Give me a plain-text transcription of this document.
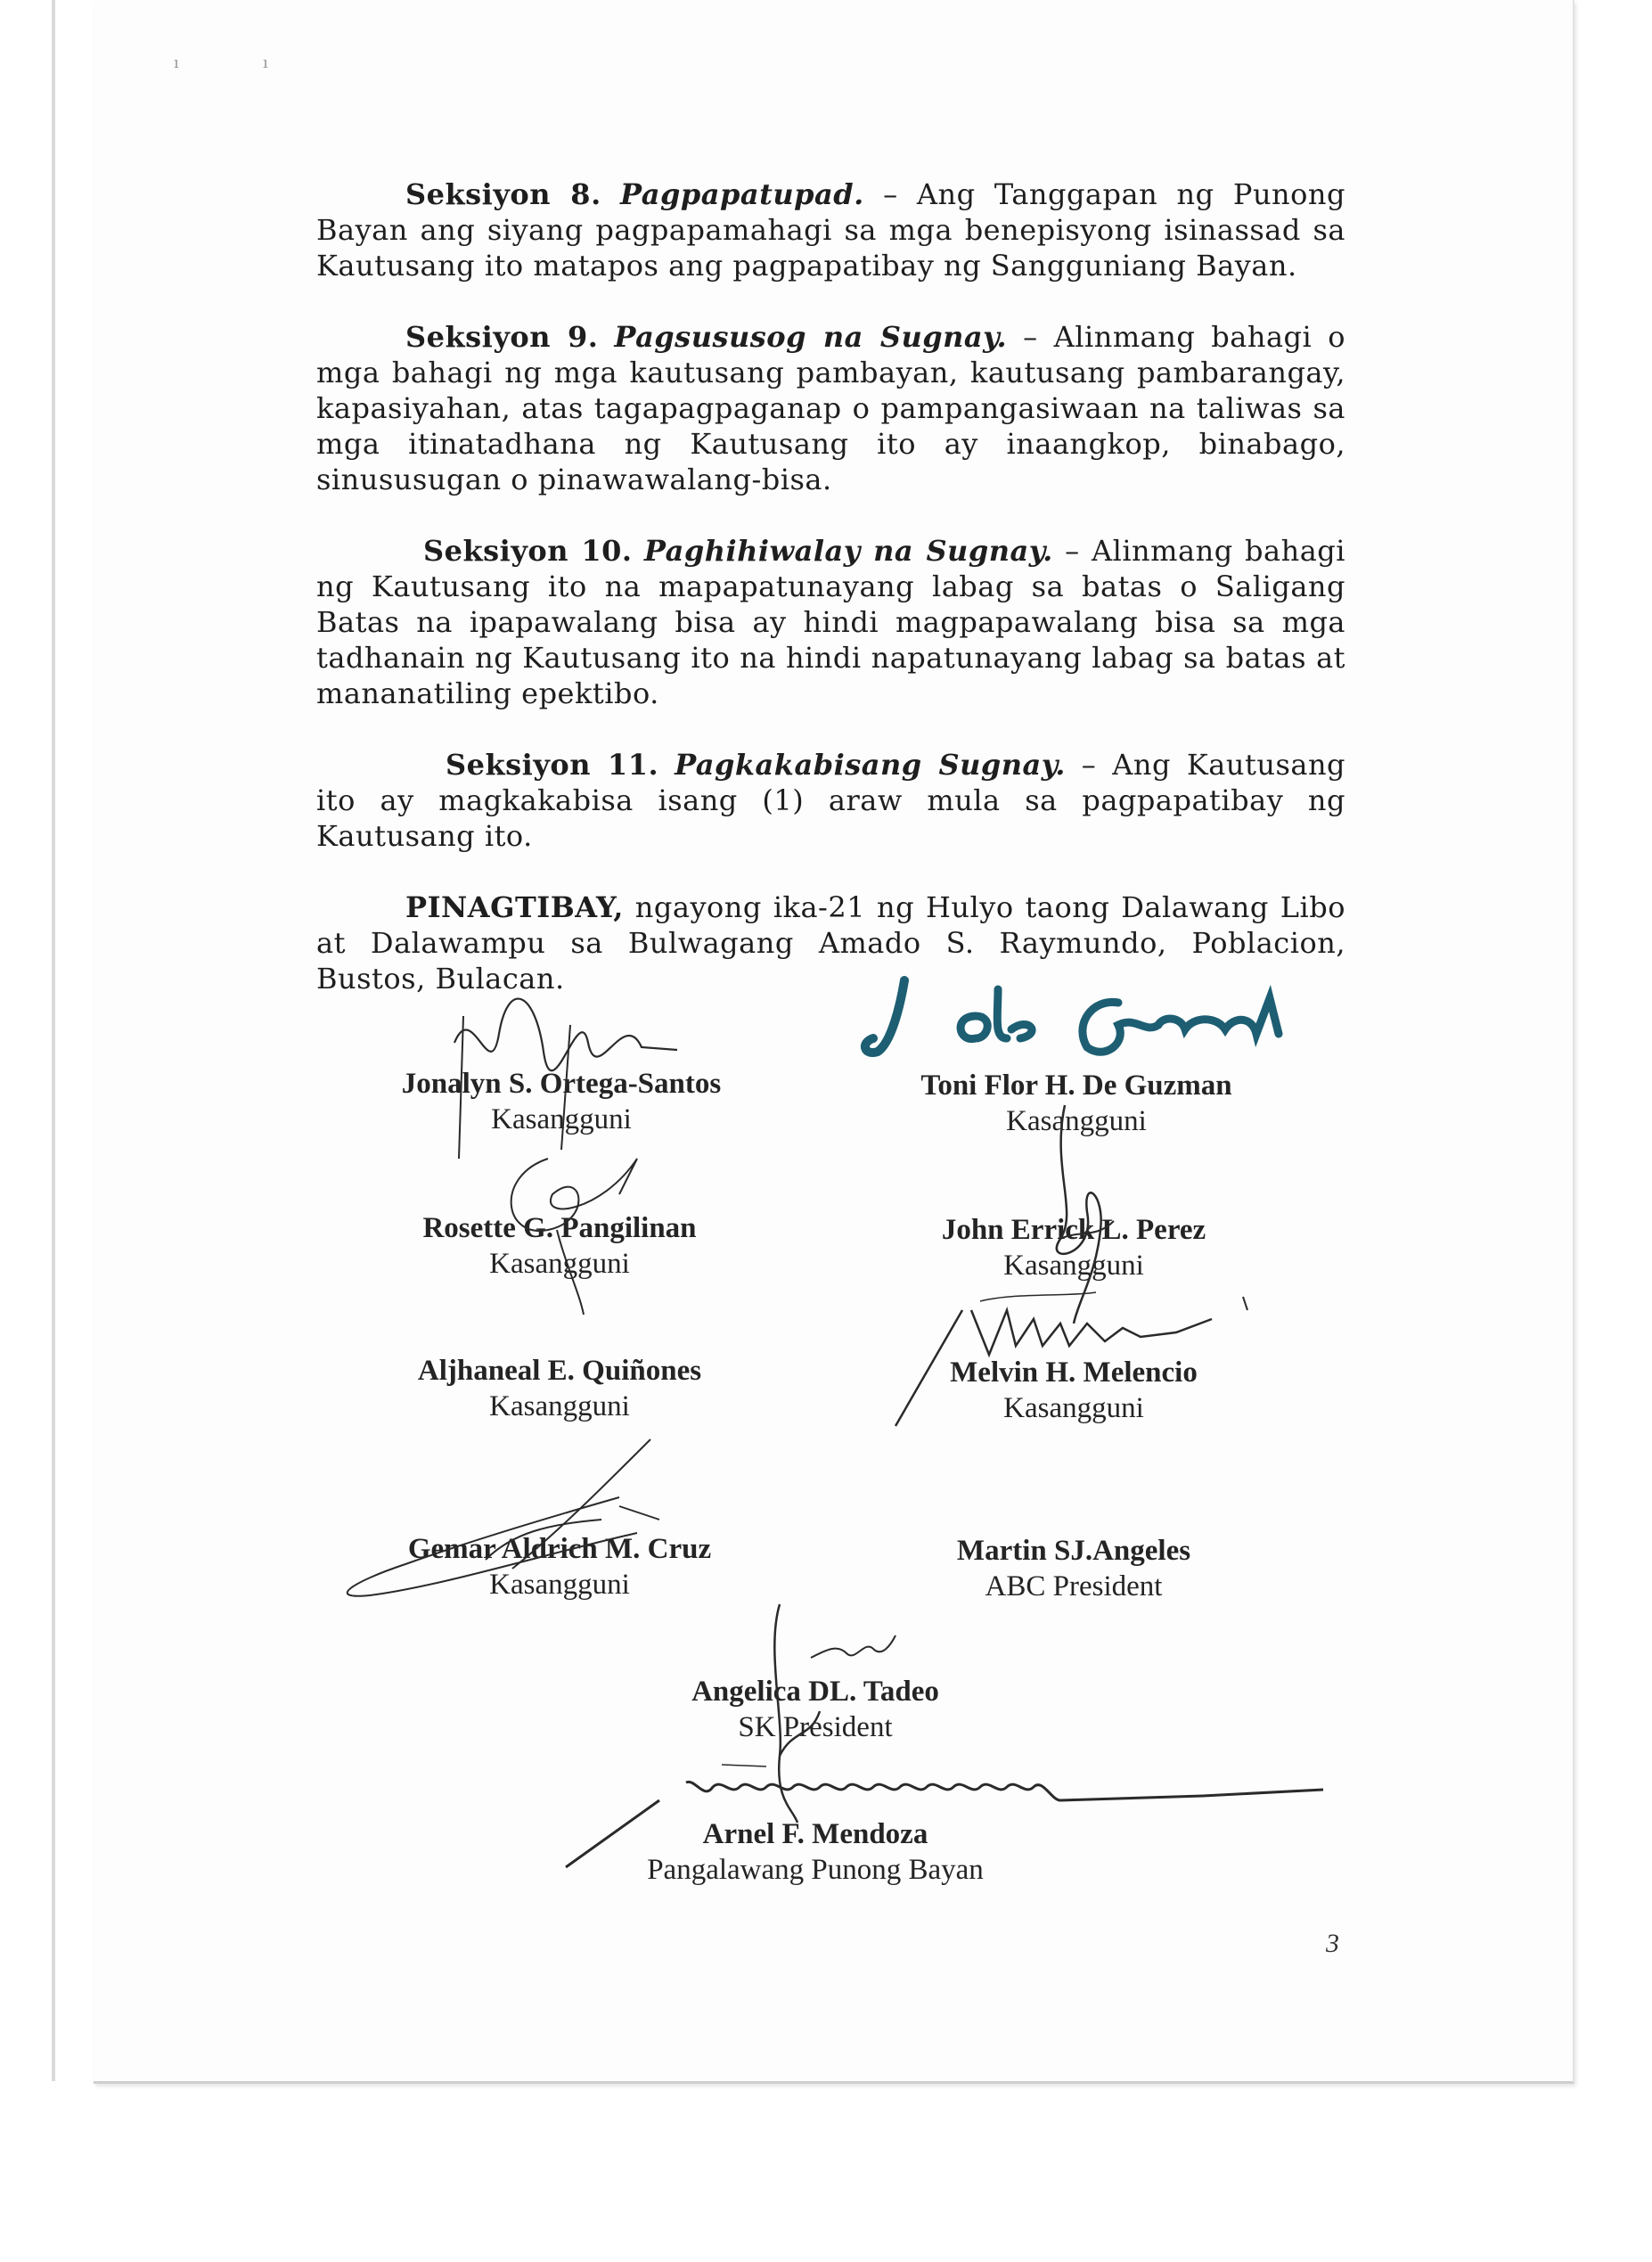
ı	ı

Seksiyon 8. Pagpapatupad. – Ang Tanggapan ng Punong Bayan ang siyang pagpapamahagi sa mga benepisyong isinassad sa Kautusang ito matapos ang pagpapatibay ng Sangguniang Bayan.

Seksiyon 9. Pagsususog na Sugnay. – Alinmang bahagi o mga bahagi ng mga kautusang pambayan, kautusang pambarangay, kapasiyahan, atas tagapagpaganap o pampangasiwaan na taliwas sa mga itinatadhana ng Kautusang ito ay inaangkop, binabago, sinususugan o pinawawalang-bisa.

Seksiyon 10. Paghihiwalay na Sugnay. – Alinmang bahagi ng Kautusang ito na mapapatunayang labag sa batas o Saligang Batas na ipapawalang bisa ay hindi magpapawalang bisa sa mga tadhanain ng Kautusang ito na hindi napatunayang labag sa batas at mananatiling epektibo.

Seksiyon 11. Pagkakabisang Sugnay. – Ang Kautusang ito ay magkakabisa isang (1) araw mula sa pagpapatibay ng Kautusang ito.

PINAGTIBAY, ngayong ika-21 ng Hulyo taong Dalawang Libo at Dalawampu sa Bulwagang Amado S. Raymundo, Poblacion, Bustos, Bulacan.

Jonalyn S. Ortega-Santos
Kasangguni
Toni Flor H. De Guzman
Kasangguni
Rosette G. Pangilinan
Kasangguni
John Errick L. Perez
Kasangguni
Aljhaneal E. Quiñones
Kasangguni
Melvin H. Melencio
Kasangguni
Gemar Aldrich M. Cruz
Kasangguni
Martin SJ.Angeles
ABC President
Angelica DL. Tadeo
SK President
Arnel F. Mendoza
Pangalawang Punong Bayan
3
